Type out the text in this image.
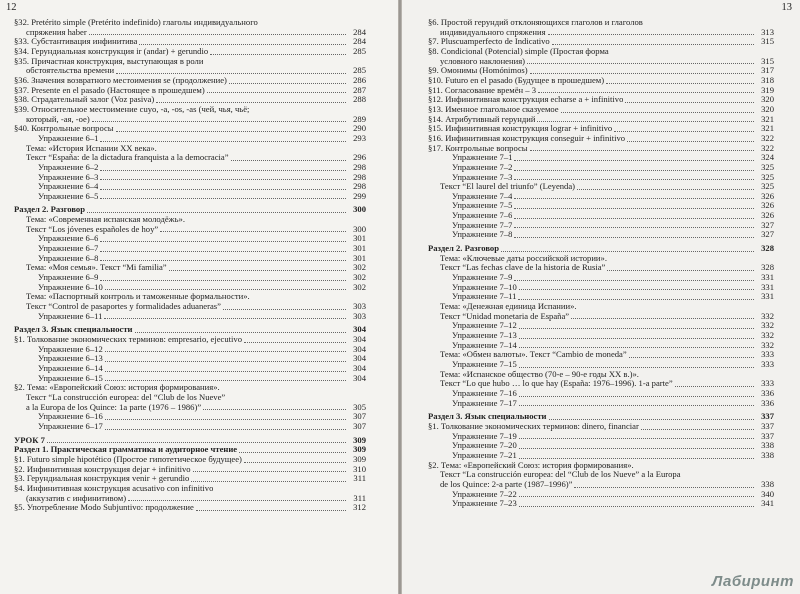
12
§32. Pretérito simple (Pretérito indefinido) глаголы индивидуального
спряжения haber	284
§33. Субстантивация инфинитива	284
§34. Герундиальная конструкция ir (andar) + gerundio	285
§35. Причастная конструкция, выступающая в роли
обстоятельства времени	285
§36. Значения возвратного местоимения se (продолжение)	286
§37. Presente en el pasado (Настоящее в прошедшем)	287
§38. Страдательный залог (Voz pasiva)	288
§39. Относительное местоимение cuyo, -a, -os, -as (чей, чья, чьё;
который, -ая, -ое)	289
§40. Контрольные вопросы	290
Упражнение 6–1	293
Тема: «История Испании XX века».
Текст “España: de la dictadura franquista a la democracia”	296
Упражнение 6–2	298
Упражнение 6–3	298
Упражнение 6–4	298
Упражнение 6–5	299
Раздел 2. Разговор	300
Тема: «Современная испанская молодёжь».
Текст “Los jóvenes españoles de hoy”	300
Упражнение 6–6	301
Упражнение 6–7	301
Упражнение 6–8	301
Тема: «Моя семья». Текст “Mi familia”	302
Упражнение 6–9	302
Упражнение 6–10	302
Тема: «Паспортный контроль и таможенные формальности».
Текст “Control de pasaportes y formalidades aduaneras”	303
Упражнение 6–11	303
Раздел 3. Язык специальности	304
§1. Толкование экономических терминов: empresario, ejecutivo	304
Упражнение 6–12	304
Упражнение 6–13	304
Упражнение 6–14	304
Упражнение 6–15	304
§2. Тема: «Европейский Союз: история формирования».
Текст “La construcción europea: del “Club de los Nueve”
a la Europa de los Quince: 1a parte (1976 – 1986)”	305
Упражнение 6–16	307
Упражнение 6–17	307
УРОК 7	309
Раздел 1. Практическая грамматика и аудиторное чтение	309
§1. Futuro simple hipotético (Простое гипотетическое будущее)	309
§2. Инфинитивная конструкция dejar + infinitivo	310
§3. Герундиальная конструкция venir + gerundio	311
§4. Инфинитивная конструкция acusativo con infinitivo
(аккузатив с инфинитивом)	311
§5. Употребление Modo Subjuntivo: продолжение	312
13
§6. Простой герундий отклоняющихся глаголов и глаголов
индивидуального спряжения	313
§7. Pluscuamperfecto de Indicativo	315
§8. Condicional (Potencial) simple (Простая форма
условного наклонения)	315
§9. Омонимы (Homónimos)	317
§10. Futuro en el pasado (Будущее в прошедшем)	318
§11. Согласование времён – 3	319
§12. Инфинитивная конструкция echarse a + infinitivo	320
§13. Именное глагольное сказуемое	320
§14. Атрибутивный герундий	321
§15. Инфинитивная конструкция lograr + infinitivo	321
§16. Инфинитивная конструкция conseguir + infinitivo	322
§17. Контрольные вопросы	322
Упражнение 7–1	324
Упражнение 7–2	325
Упражнение 7–3	325
Текст “El laurel del triunfo” (Leyenda)	325
Упражнение 7–4	326
Упражнение 7–5	326
Упражнение 7–6	326
Упражнение 7–7	327
Упражнение 7–8	327
Раздел 2. Разговор	328
Тема: «Ключевые даты российской истории».
Текст “Las fechas clave de la historia de Rusia”	328
Упражнение 7–9	331
Упражнение 7–10	331
Упражнение 7–11	331
Тема: «Денежная единица Испании».
Текст “Unidad monetaria de España”	332
Упражнение 7–12	332
Упражнение 7–13	332
Упражнение 7–14	332
Тема: «Обмен валюты». Текст “Cambio de moneda”	333
Упражнение 7–15	333
Тема: «Испанское общество (70-е – 90-е годы XX в.)».
Текст “Lo que hubo … lo que hay (España: 1976–1996). 1-a parte”	333
Упражнение 7–16	336
Упражнение 7–17	336
Раздел 3. Язык специальности	337
§1. Толкование экономических терминов: dinero, financiar	337
Упражнение 7–19	337
Упражнение 7–20	338
Упражнение 7–21	338
§2. Тема: «Европейский Союз: история формирования».
Текст “La construcción europea: del “Club de los Nueve” a la Europa
de los Quince: 2-a parte (1987–1996)”	338
Упражнение 7–22	340
Упражнение 7–23	341
Лабиринт
